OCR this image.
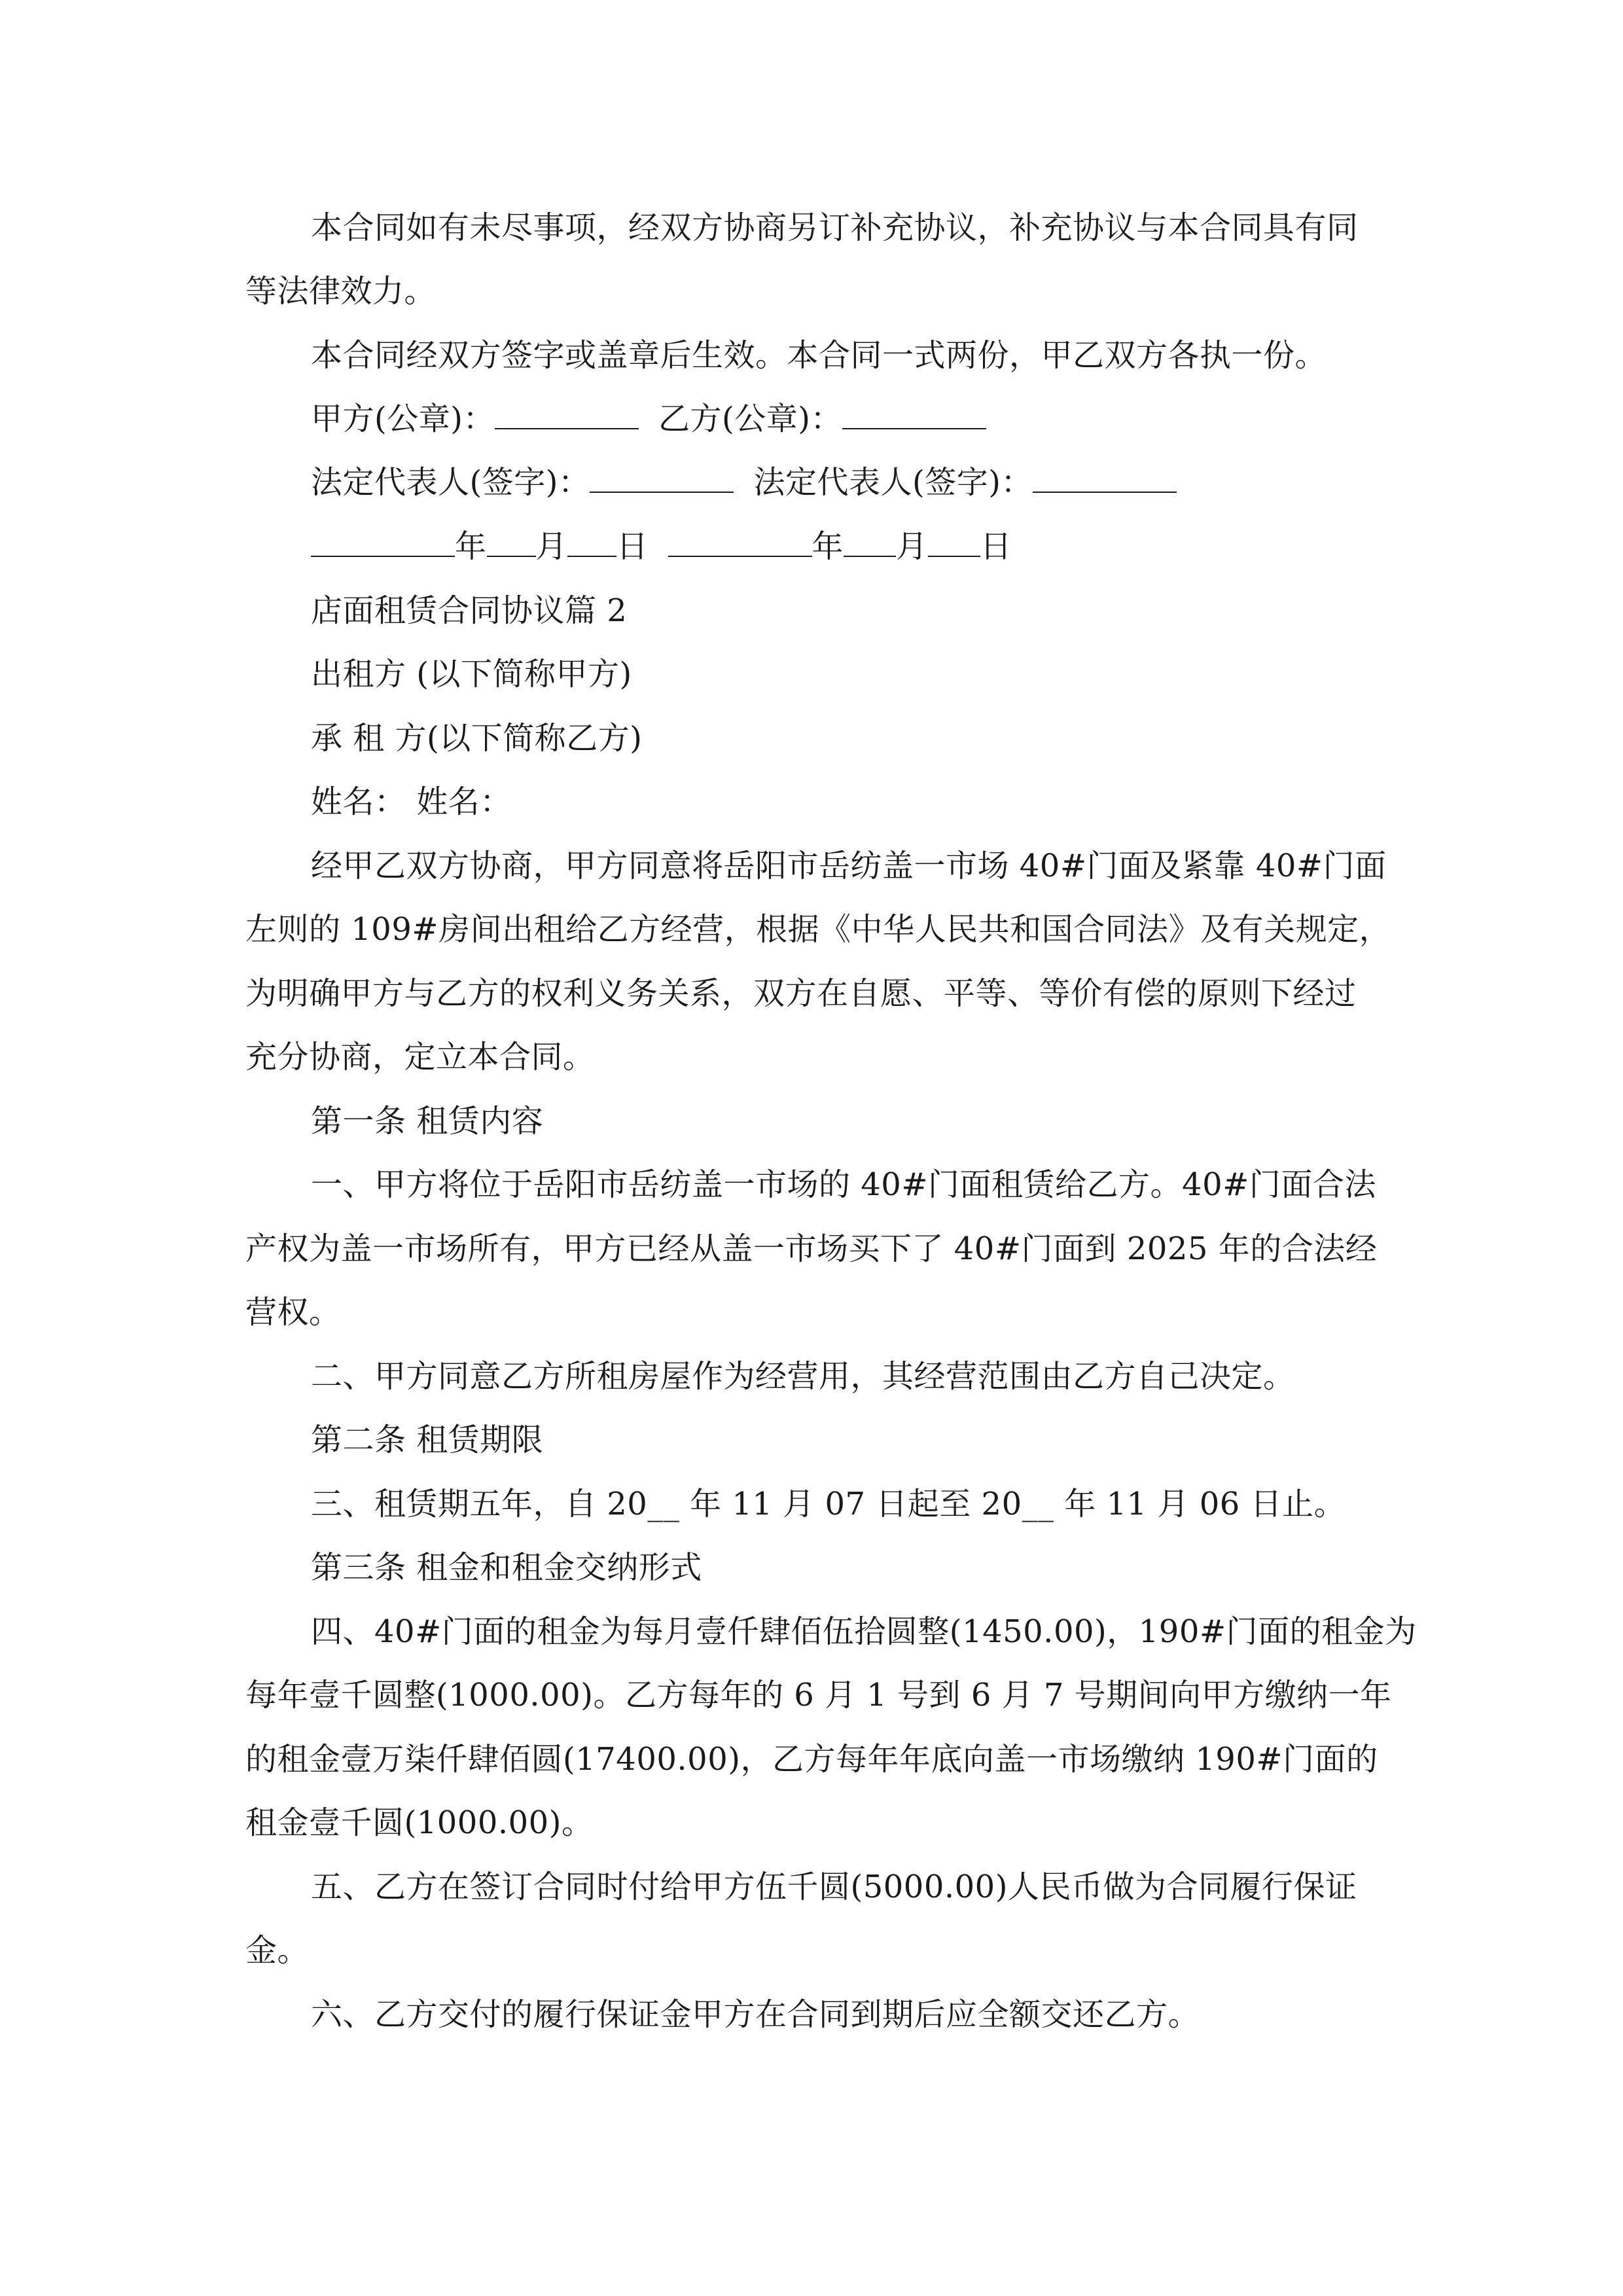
本合同如有未尽事项，经双方协商另订补充协议，补充协议与本合同具有同
等法律效力。
本合同经双方签字或盖章后生效。本合同一式两份，甲乙双方各执一份。
甲方(公章)：	乙方(公章)：
法定代表人(签字)：	法定代表人(签字)：
年 月 日	年 月 日
店面租赁合同协议篇 2
出租方 (以下简称甲方)
承 租 方(以下简称乙方)
姓名： 姓名：
经甲乙双方协商，甲方同意将岳阳市岳纺盖一市场 40#门面及紧靠 40#门面
左则的 109#房间出租给乙方经营，根据《中华人民共和国合同法》及有关规定，
为明确甲方与乙方的权利义务关系，双方在自愿、平等、等价有偿的原则下经过
充分协商，定立本合同。
第一条 租赁内容
一、甲方将位于岳阳市岳纺盖一市场的 40#门面租赁给乙方。40#门面合法
产权为盖一市场所有，甲方已经从盖一市场买下了 40#门面到 2025 年的合法经
营权。
二、甲方同意乙方所租房屋作为经营用，其经营范围由乙方自己决定。
第二条 租赁期限
三、租赁期五年，自 20__ 年 11 月 07 日起至 20__ 年 11 月 06 日止。
第三条 租金和租金交纳形式
四、40#门面的租金为每月壹仟肆佰伍拾圆整(1450.00)，190#门面的租金为
每年壹千圆整(1000.00)。乙方每年的 6 月 1 号到 6 月 7 号期间向甲方缴纳一年
的租金壹万柒仟肆佰圆(17400.00)，乙方每年年底向盖一市场缴纳 190#门面的
租金壹千圆(1000.00)。
五、乙方在签订合同时付给甲方伍千圆(5000.00)人民币做为合同履行保证
金。
六、乙方交付的履行保证金甲方在合同到期后应全额交还乙方。
